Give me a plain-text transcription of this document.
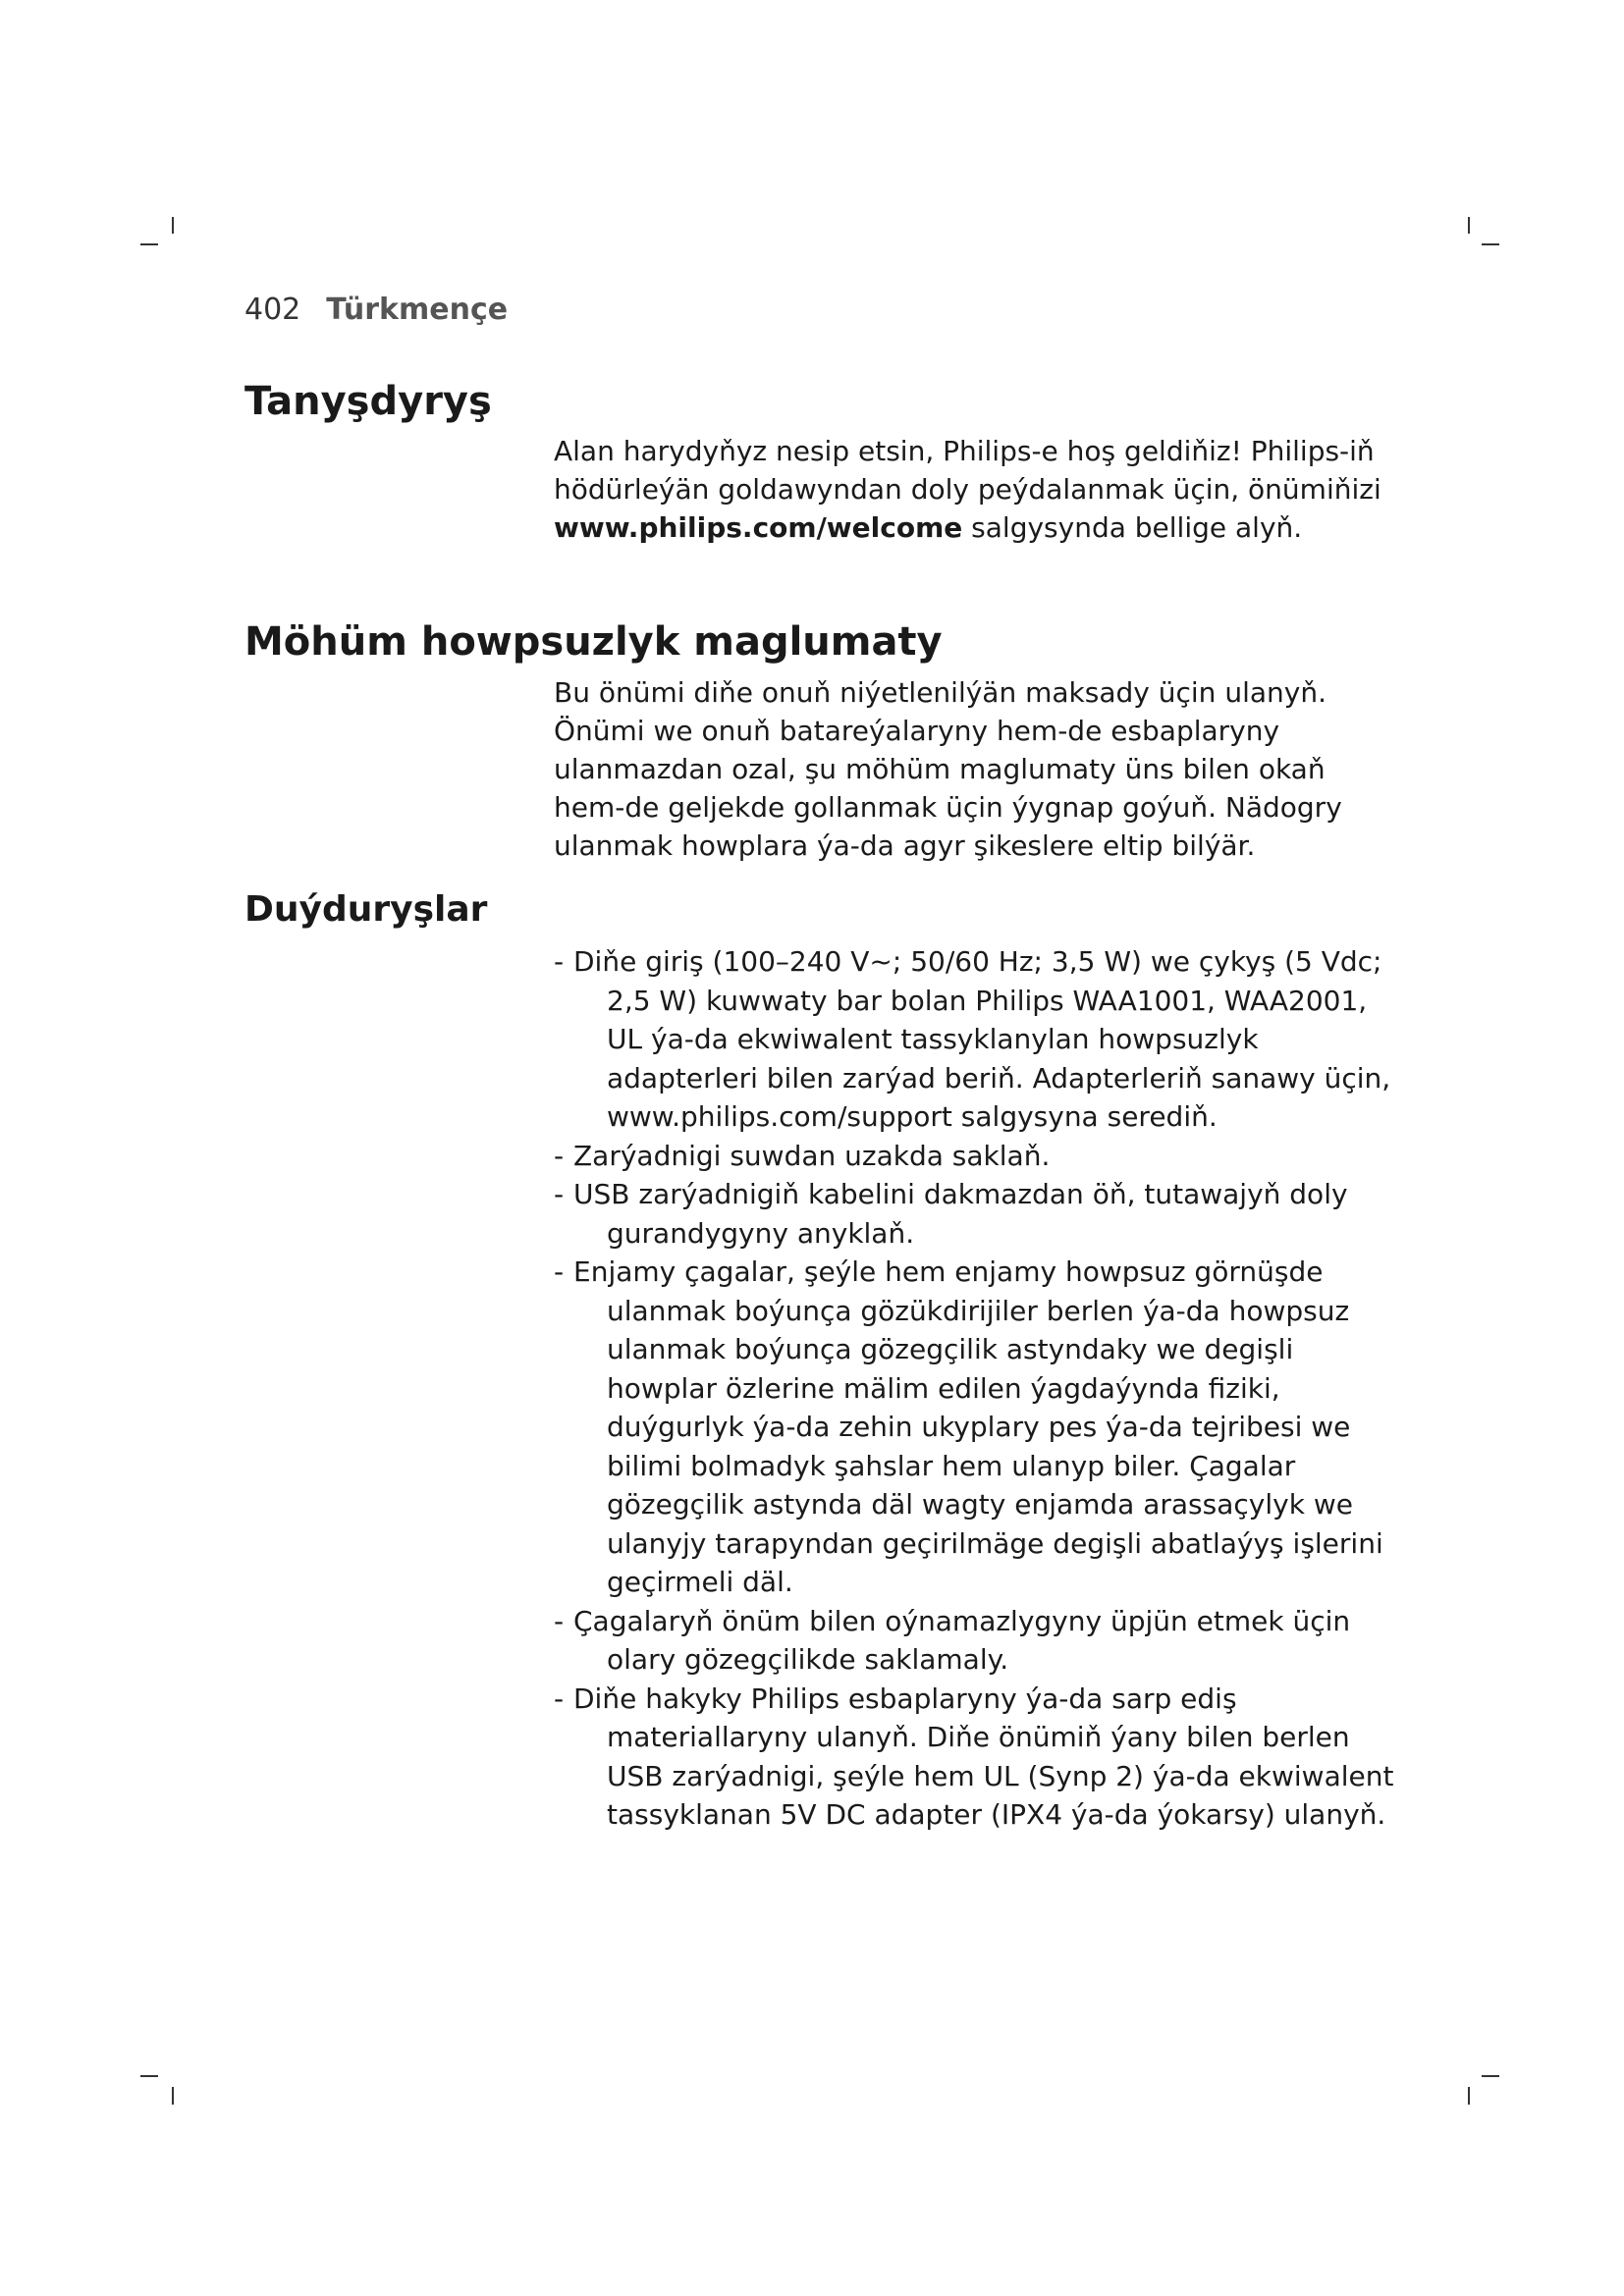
402 Türkmençe
Tanyşdyryş

Alan harydyňyz nesip etsin, Philips-e hoş geldiňiz! Philips-iň hödürleýän goldawyndan doly peýdalanmak üçin, önümiňizi www.philips.com/welcome salgysynda bellige alyň.

Möhüm howpsuzlyk maglumaty

Bu önümi diňe onuň niýetlenilýän maksady üçin ulanyň. Önümi we onuň batareýalaryny hem-de esbaplaryny ulanmazdan ozal, şu möhüm maglumaty üns bilen okaň hem-de geljekde gollanmak üçin ýygnap goýuň. Nädogry ulanmak howplara ýa-da agyr şikeslere eltip bilýär.

Duýduryşlar
- Diňe giriş (100–240 V~; 50/60 Hz; 3,5 W) we çykyş (5 Vdc; 2,5 W) kuwwaty bar bolan Philips WAA1001, WAA2001, UL ýa-da ekwiwalent tassyklanylan howpsuzlyk adapterleri bilen zarýad beriň. Adapterleriň sanawy üçin, www.philips.com/support salgysyna serediň.
- Zarýadnigi suwdan uzakda saklaň.
- USB zarýadnigiň kabelini dakmazdan öň, tutawajyň doly gurandygyny anyklaň.
- Enjamy çagalar, şeýle hem enjamy howpsuz görnüşde ulanmak boýunça gözükdirijiler berlen ýa-da howpsuz ulanmak boýunça gözegçilik astyndaky we degişli howplar özlerine mälim edilen ýagdaýynda fiziki, duýgurlyk ýa-da zehin ukyplary pes ýa-da tejribesi we bilimi bolmadyk şahslar hem ulanyp biler. Çagalar gözegçilik astynda däl wagty enjamda arassaçylyk we ulanyjy tarapyndan geçirilmäge degişli abatlaýyş işlerini geçirmeli däl.
- Çagalaryň önüm bilen oýnamazlygyny üpjün etmek üçin olary gözegçilikde saklamaly.
- Diňe hakyky Philips esbaplaryny ýa-da sarp ediş materiallaryny ulanyň. Diňe önümiň ýany bilen berlen USB zarýadnigi, şeýle hem UL (Synp 2) ýa-da ekwiwalent tassyklanan 5V DC adapter (IPX4 ýa-da ýokarsy) ulanyň.
